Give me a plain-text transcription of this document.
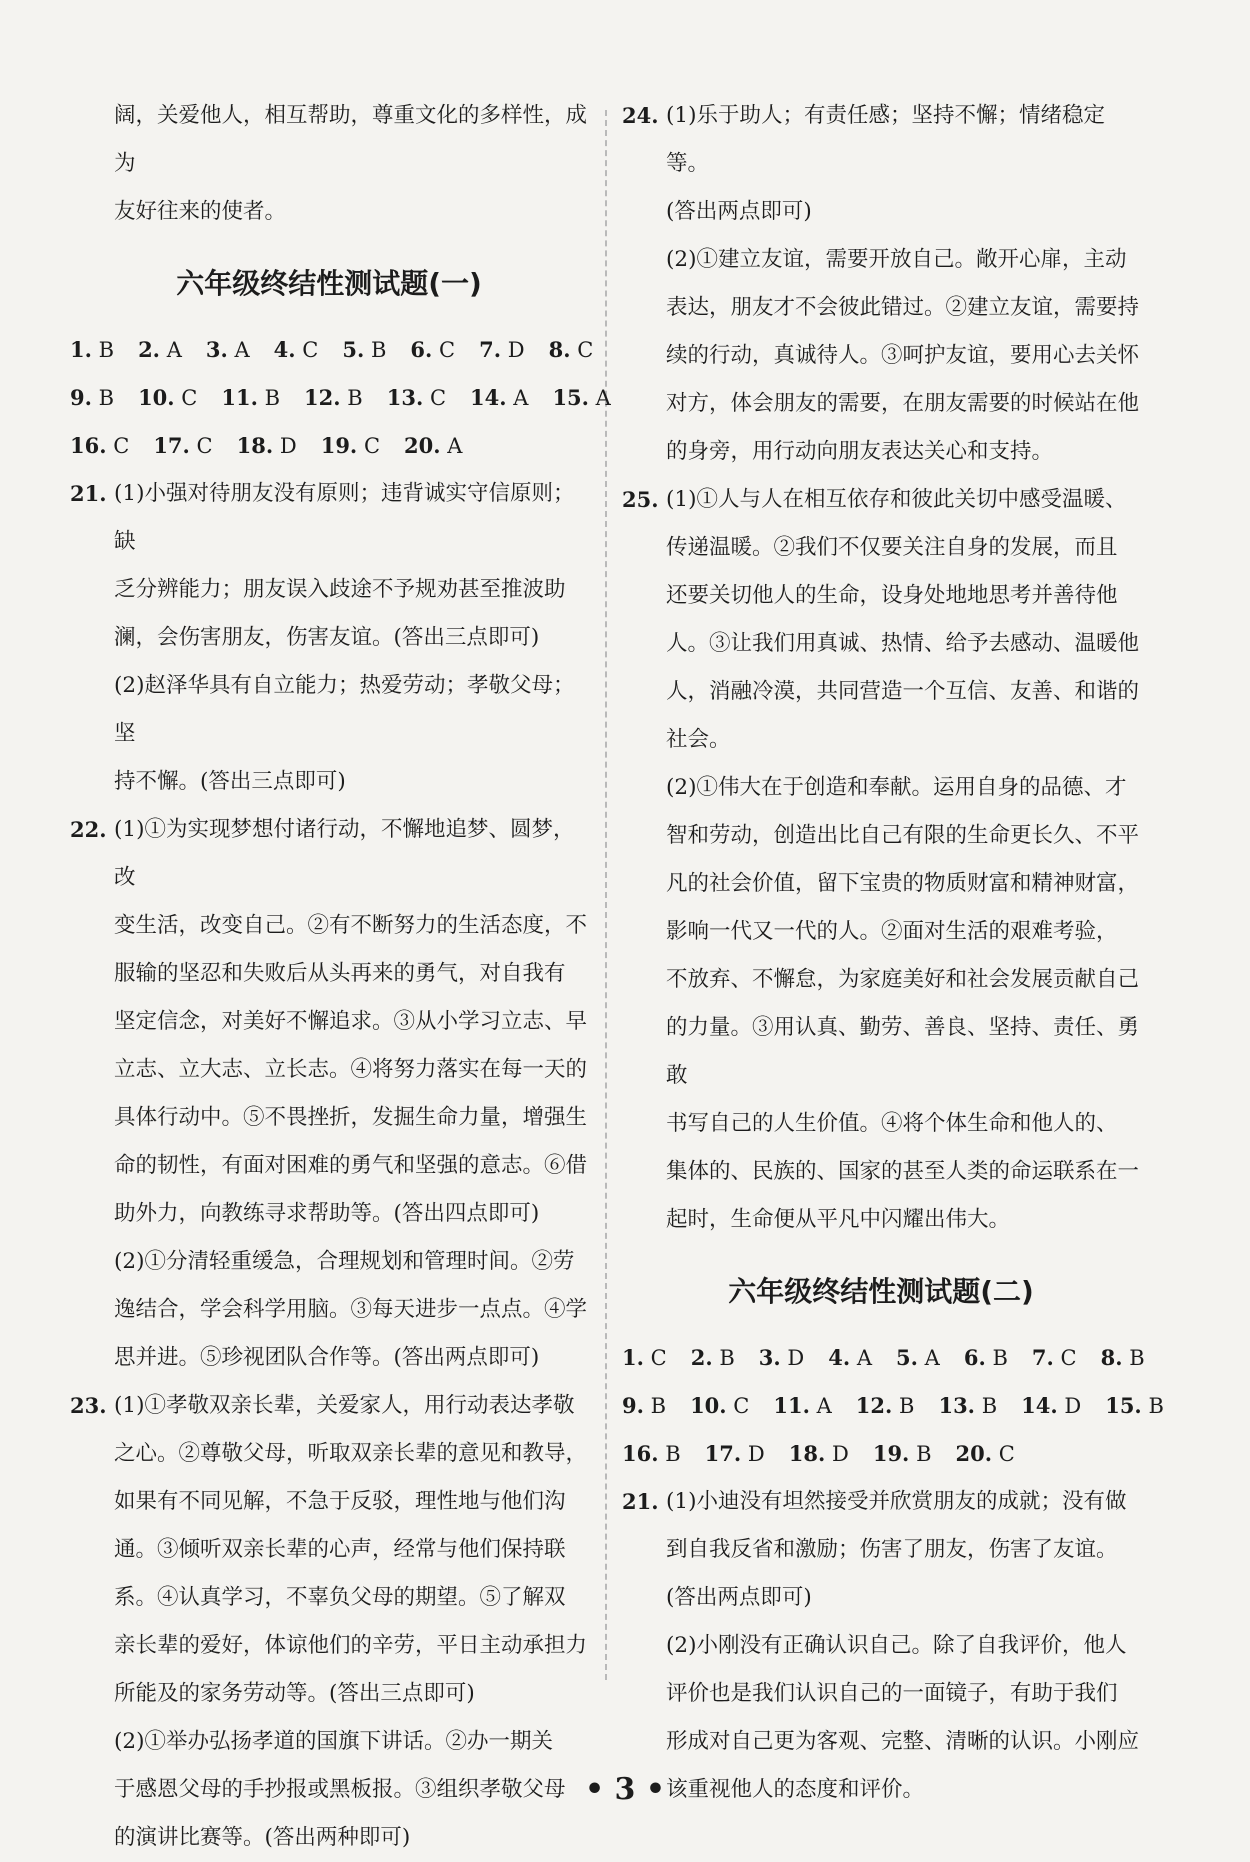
阔，关爱他人，相互帮助，尊重文化的多样性，成为

友好往来的使者。

六年级终结性测试题(一)
1. B 2. A 3. A 4. C 5. B 6. C 7. D 8. C
9. B 10. C 11. B 12. B 13. C 14. A 15. A
16. C 17. C 18. D 19. C 20. A
21. (1)小强对待朋友没有原则；违背诚实守信原则；缺

乏分辨能力；朋友误入歧途不予规劝甚至推波助

澜，会伤害朋友，伤害友谊。(答出三点即可)

(2)赵泽华具有自立能力；热爱劳动；孝敬父母；坚

持不懈。(答出三点即可)

22. (1)①为实现梦想付诸行动，不懈地追梦、圆梦，改

变生活，改变自己。②有不断努力的生活态度，不

服输的坚忍和失败后从头再来的勇气，对自我有

坚定信念，对美好不懈追求。③从小学习立志、早

立志、立大志、立长志。④将努力落实在每一天的

具体行动中。⑤不畏挫折，发掘生命力量，增强生

命的韧性，有面对困难的勇气和坚强的意志。⑥借

助外力，向教练寻求帮助等。(答出四点即可)

(2)①分清轻重缓急，合理规划和管理时间。②劳

逸结合，学会科学用脑。③每天进步一点点。④学

思并进。⑤珍视团队合作等。(答出两点即可)

23. (1)①孝敬双亲长辈，关爱家人，用行动表达孝敬

之心。②尊敬父母，听取双亲长辈的意见和教导，

如果有不同见解，不急于反驳，理性地与他们沟

通。③倾听双亲长辈的心声，经常与他们保持联

系。④认真学习，不辜负父母的期望。⑤了解双

亲长辈的爱好，体谅他们的辛劳，平日主动承担力

所能及的家务劳动等。(答出三点即可)

(2)①举办弘扬孝道的国旗下讲话。②办一期关

于感恩父母的手抄报或黑板报。③组织孝敬父母

的演讲比赛等。(答出两种即可)

24. (1)乐于助人；有责任感；坚持不懈；情绪稳定等。

(答出两点即可)

(2)①建立友谊，需要开放自己。敞开心扉，主动

表达，朋友才不会彼此错过。②建立友谊，需要持

续的行动，真诚待人。③呵护友谊，要用心去关怀

对方，体会朋友的需要，在朋友需要的时候站在他

的身旁，用行动向朋友表达关心和支持。

25. (1)①人与人在相互依存和彼此关切中感受温暖、

传递温暖。②我们不仅要关注自身的发展，而且

还要关切他人的生命，设身处地地思考并善待他

人。③让我们用真诚、热情、给予去感动、温暖他

人，消融冷漠，共同营造一个互信、友善、和谐的

社会。

(2)①伟大在于创造和奉献。运用自身的品德、才

智和劳动，创造出比自己有限的生命更长久、不平

凡的社会价值，留下宝贵的物质财富和精神财富，

影响一代又一代的人。②面对生活的艰难考验，

不放弃、不懈怠，为家庭美好和社会发展贡献自己

的力量。③用认真、勤劳、善良、坚持、责任、勇敢

书写自己的人生价值。④将个体生命和他人的、

集体的、民族的、国家的甚至人类的命运联系在一

起时，生命便从平凡中闪耀出伟大。

六年级终结性测试题(二)
1. C 2. B 3. D 4. A 5. A 6. B 7. C 8. B
9. B 10. C 11. A 12. B 13. B 14. D 15. B
16. B 17. D 18. D 19. B 20. C
21. (1)小迪没有坦然接受并欣赏朋友的成就；没有做

到自我反省和激励；伤害了朋友，伤害了友谊。

(答出两点即可)

(2)小刚没有正确认识自己。除了自我评价，他人

评价也是我们认识自己的一面镜子，有助于我们

形成对自己更为客观、完整、清晰的认识。小刚应

该重视他人的态度和评价。

• 3 •
